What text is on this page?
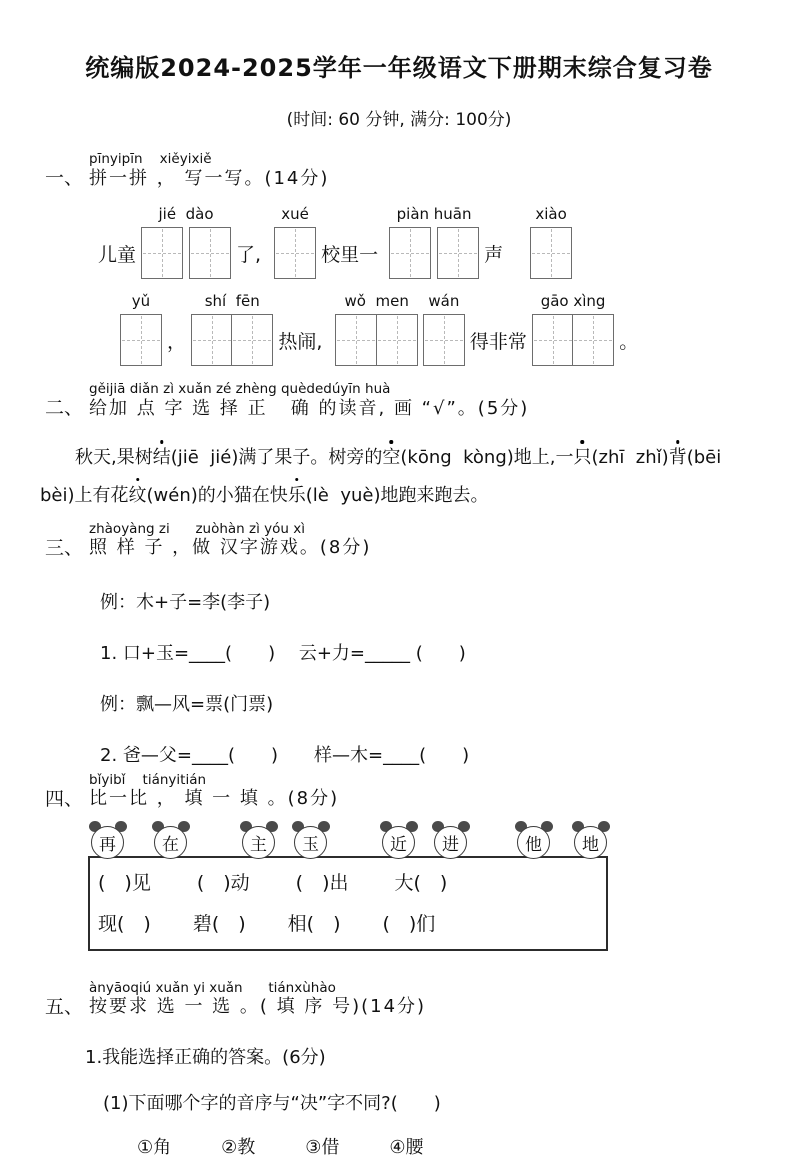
统编版2024-2025学年一年级语文下册期末综合复习卷
(时间: 60 分钟, 满分: 100分)
一、
pīnyipīn    xiěyixiě
拼一拼 ， 写一写。(14分)
儿童
jié  dào
了,
xué
校里一
piàn huān
声
xiào
yǔ
，
shí  fēn
热闹,
wǒ  men wán
得非常
gāo xìng
。
二、
gěijiā diǎn zì xuǎn zé zhèng quèdedúyīn huà
给加 点 字 选 择 正   确 的读音, 画 “√”。(5分)
秋天,果树结(jiē  jié)满了果子。树旁的空(kōng  kòng)地上,一只(zhī  zhǐ)背(bēi
bèi)上有花纹(wén)的小猫在快乐(lè  yuè)地跑来跑去。
三、
zhàoyàng zi      zuòhàn zì yóu xì
照 样 子 ，做 汉字游戏。(8分)
例：木+子=李(李子)
1. 口+玉=____(　　)　 云+力=_____ (　　)
例：飘—风=票(门票)
2. 爸—父=____(　　)　　样—木=____(　　)
四、
bǐyibǐ    tiányitián
比一比 ， 填 一 填 。(8分)
再	在	主	玉	近	进	他	地
(　)见 (　)动 (　)出 大(　)
现(　) 碧(　) 相(　) (　)们
五、
ànyāoqiú xuǎn yi xuǎn      tiánxùhào
按要求 选 一 选 。( 填 序 号)(14分)
1.我能选择正确的答案。(6分)
(1)下面哪个字的音序与“决”字不同?(　　)
①角	②教	③借	④腰
